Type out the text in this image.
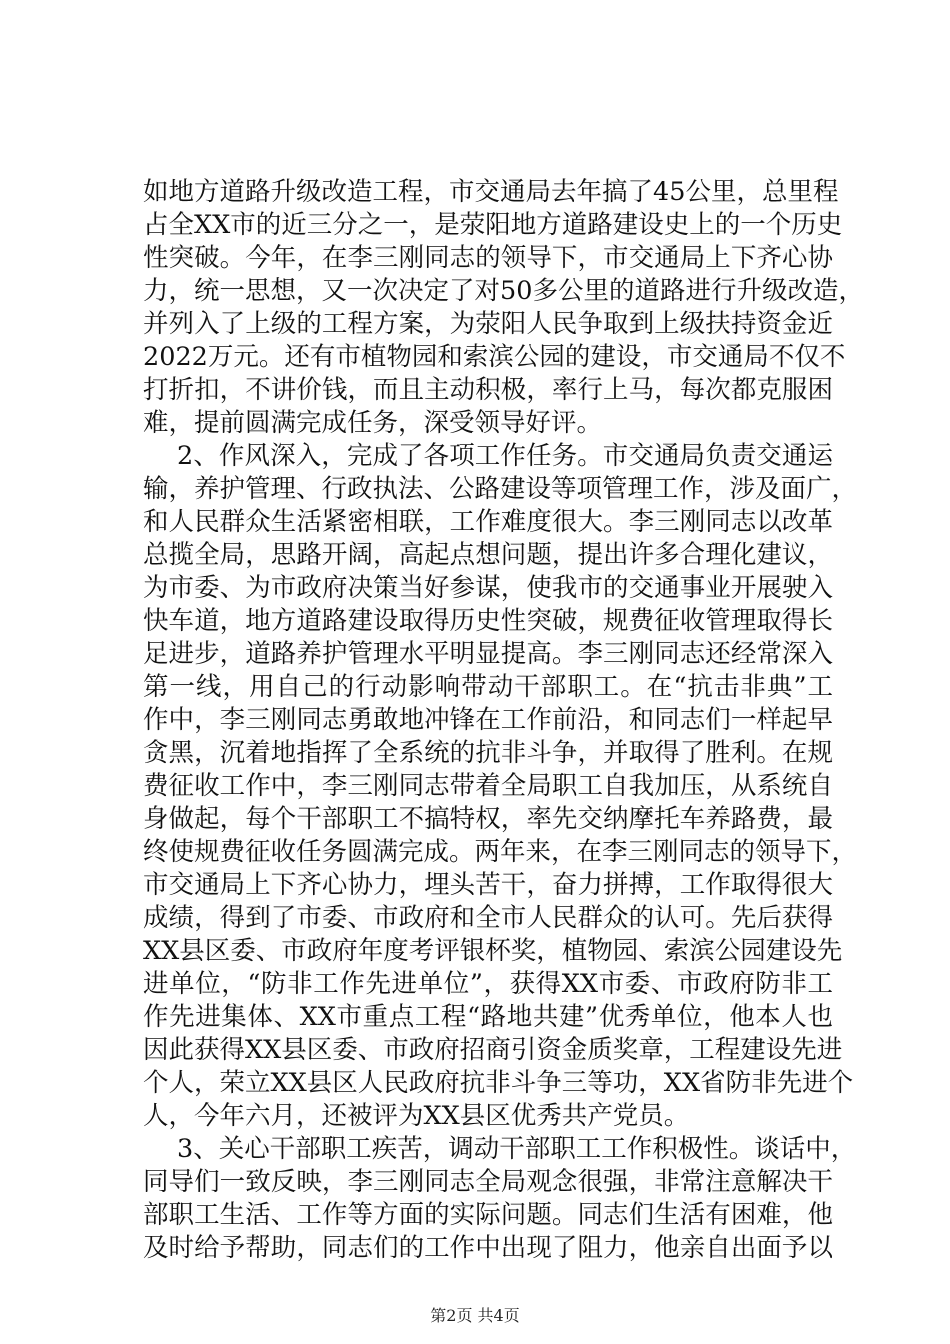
如地方道路升级改造工程，市交通局去年搞了45公里，总里程
占全XX市的近三分之一，是荥阳地方道路建设史上的一个历史
性突破。今年，在李三刚同志的领导下，市交通局上下齐心协
力，统一思想，又一次决定了对50多公里的道路进行升级改造，
并列入了上级的工程方案，为荥阳人民争取到上级扶持资金近
2022万元。还有市植物园和索滨公园的建设，市交通局不仅不
打折扣，不讲价钱，而且主动积极，率行上马，每次都克服困
难，提前圆满完成任务，深受领导好评。
2、作风深入，完成了各项工作任务。市交通局负责交通运
输，养护管理、行政执法、公路建设等项管理工作，涉及面广，
和人民群众生活紧密相联，工作难度很大。李三刚同志以改革
总揽全局，思路开阔，高起点想问题，提出许多合理化建议，
为市委、为市政府决策当好参谋，使我市的交通事业开展驶入
快车道，地方道路建设取得历史性突破，规费征收管理取得长
足进步，道路养护管理水平明显提高。李三刚同志还经常深入
第一线，用自己的行动影响带动干部职工。在“抗击非典”工
作中，李三刚同志勇敢地冲锋在工作前沿，和同志们一样起早
贪黑，沉着地指挥了全系统的抗非斗争，并取得了胜利。在规
费征收工作中，李三刚同志带着全局职工自我加压，从系统自
身做起，每个干部职工不搞特权，率先交纳摩托车养路费，最
终使规费征收任务圆满完成。两年来，在李三刚同志的领导下，
市交通局上下齐心协力，埋头苦干，奋力拼搏，工作取得很大
成绩，得到了市委、市政府和全市人民群众的认可。先后获得
XX县区委、市政府年度考评银杯奖，植物园、索滨公园建设先
进单位，“防非工作先进单位”，获得XX市委、市政府防非工
作先进集体、XX市重点工程“路地共建”优秀单位，他本人也
因此获得XX县区委、市政府招商引资金质奖章，工程建设先进
个人，荣立XX县区人民政府抗非斗争三等功，XX省防非先进个
人，今年六月，还被评为XX县区优秀共产党员。
3、关心干部职工疾苦，调动干部职工工作积极性。谈话中，
同导们一致反映，李三刚同志全局观念很强，非常注意解决干
部职工生活、工作等方面的实际问题。同志们生活有困难，他
及时给予帮助，同志们的工作中出现了阻力，他亲自出面予以
第2页 共4页
